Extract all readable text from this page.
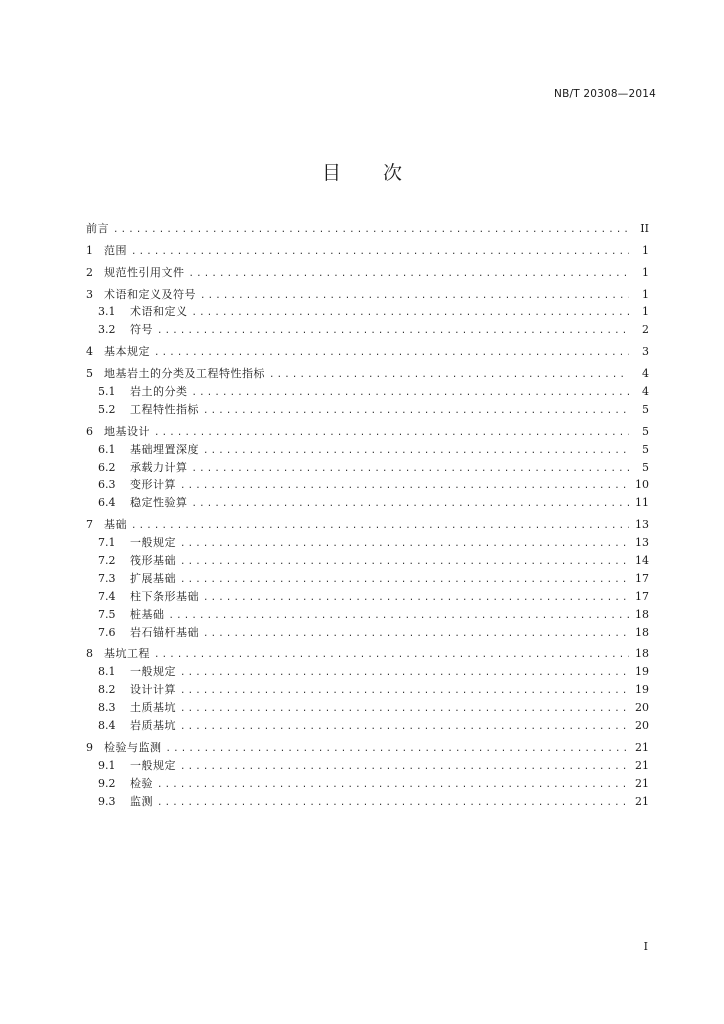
NB/T 20308—2014
目 次
前言 .....	II
1	范围 .....	1
2	规范性引用文件 .....	1
3	术语和定义及符号 .....	1
3.1	术语和定义 .....	1
3.2	符号 .....	2
4	基本规定 .....	3
5	地基岩土的分类及工程特性指标 .....	4
5.1	岩土的分类 .....	4
5.2	工程特性指标 .....	5
6	地基设计 .....	5
6.1	基础埋置深度 .....	5
6.2	承载力计算 .....	5
6.3	变形计算 .....	10
6.4	稳定性验算 .....	11
7	基础 .....	13
7.1	一般规定 .....	13
7.2	筏形基础 .....	14
7.3	扩展基础 .....	17
7.4	柱下条形基础 .....	17
7.5	桩基础 .....	18
7.6	岩石锚杆基础 .....	18
8	基坑工程 .....	18
8.1	一般规定 .....	19
8.2	设计计算 .....	19
8.3	土质基坑 .....	20
8.4	岩质基坑 .....	20
9	检验与监测 .....	21
9.1	一般规定 .....	21
9.2	检验 .....	21
9.3	监测 .....	21
I
